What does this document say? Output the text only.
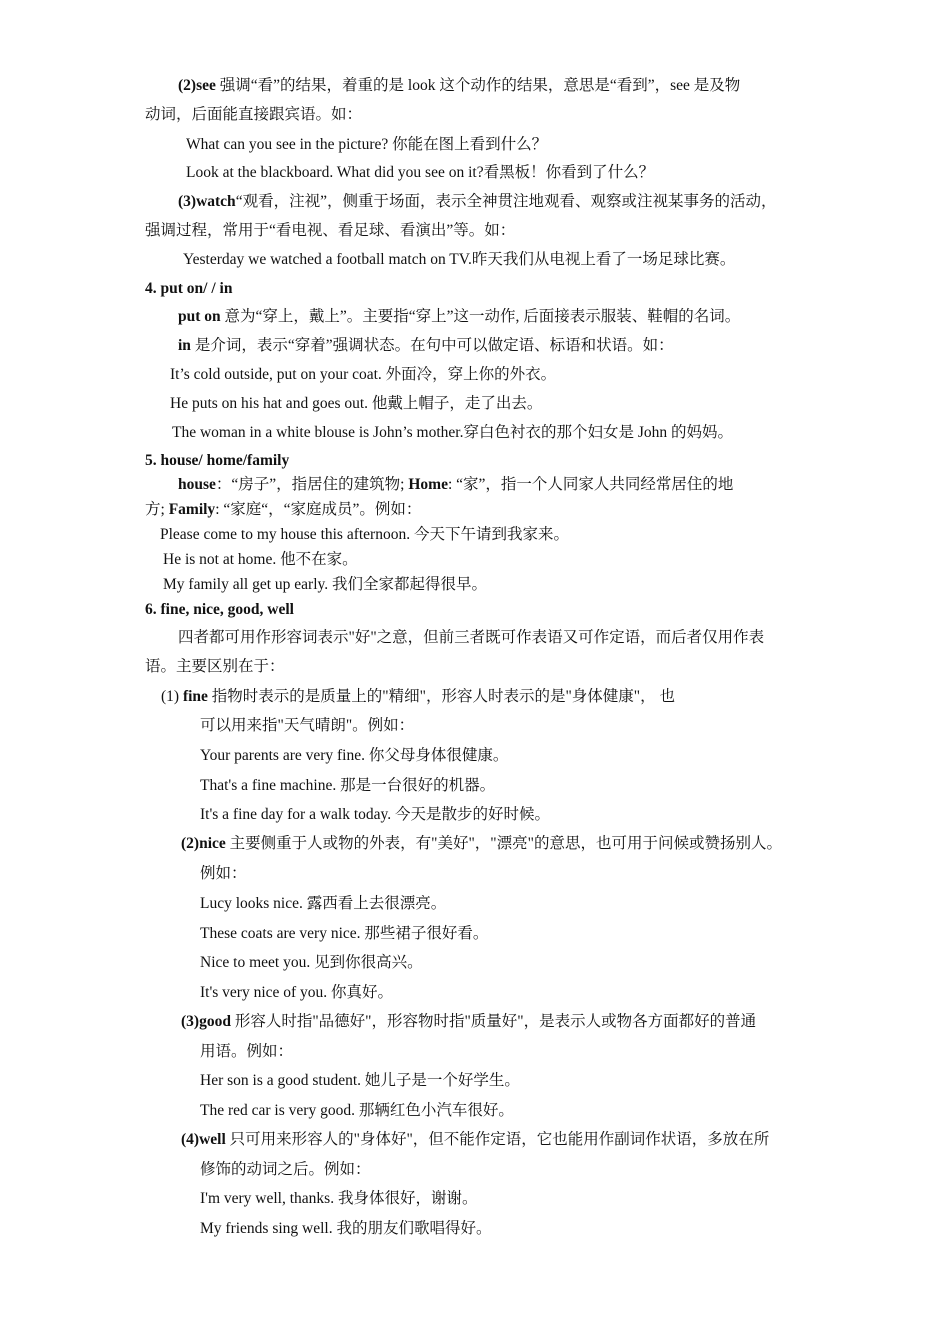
(2)see 强调“看”的结果，着重的是 look 这个动作的结果，意思是“看到”，see 是及物
动词，后面能直接跟宾语。如：
What can you see in the picture? 你能在图上看到什么？
Look at the blackboard. What did you see on it?看黑板！你看到了什么？
(3)watch“观看，注视”，侧重于场面，表示全神贯注地观看、观察或注视某事务的活动，
强调过程，常用于“看电视、看足球、看演出”等。如：
Yesterday we watched a football match on TV.昨天我们从电视上看了一场足球比赛。
4. put on/ / in
put on 意为“穿上，戴上”。主要指“穿上”这一动作, 后面接表示服装、鞋帽的名词。
in 是介词，表示“穿着”强调状态。在句中可以做定语、标语和状语。如：
It’s cold outside, put on your coat. 外面冷，穿上你的外衣。
He puts on his hat and goes out. 他戴上帽子，走了出去。
The woman in a white blouse is John’s mother.穿白色衬衣的那个妇女是 John 的妈妈。
5. house/ home/family
house：“房子”，指居住的建筑物; Home: “家”，指一个人同家人共同经常居住的地
方; Family: “家庭“，“家庭成员”。例如：
Please come to my house this afternoon. 今天下午请到我家来。
He is not at home. 他不在家。
My family all get up early. 我们全家都起得很早。
6. fine, nice, good, well
四者都可用作形容词表示"好"之意，但前三者既可作表语又可作定语，而后者仅用作表
语。主要区别在于：
(1) fine 指物时表示的是质量上的"精细"，形容人时表示的是"身体健康"， 也
可以用来指"天气晴朗"。例如：
Your parents are very fine. 你父母身体很健康。
That's a fine machine. 那是一台很好的机器。
It's a fine day for a walk today. 今天是散步的好时候。
(2)nice 主要侧重于人或物的外表，有"美好"，"漂亮"的意思，也可用于问候或赞扬别人。
例如：
Lucy looks nice. 露西看上去很漂亮。
These coats are very nice. 那些裙子很好看。
Nice to meet you. 见到你很高兴。
It's very nice of you. 你真好。
(3)good 形容人时指"品德好"，形容物时指"质量好"，是表示人或物各方面都好的普通
用语。例如：
Her son is a good student. 她儿子是一个好学生。
The red car is very good. 那辆红色小汽车很好。
(4)well 只可用来形容人的"身体好"，但不能作定语，它也能用作副词作状语，多放在所
修饰的动词之后。例如：
I'm very well, thanks. 我身体很好，谢谢。
My friends sing well. 我的朋友们歌唱得好。
